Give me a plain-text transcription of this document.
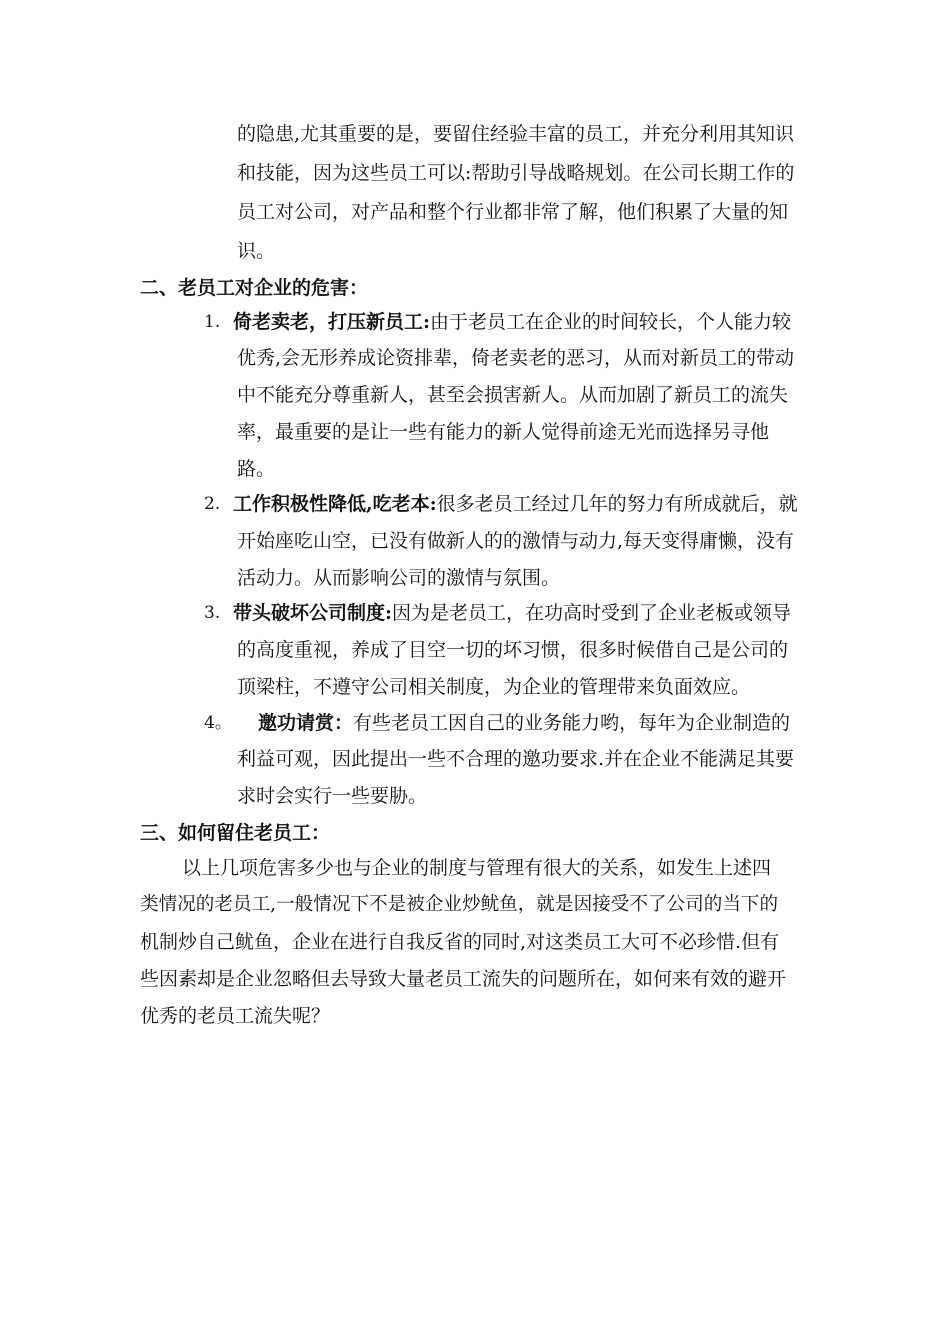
的隐患,尤其重要的是，要留住经验丰富的员工，并充分利用其知识
和技能，因为这些员工可以:帮助引导战略规划。在公司长期工作的
员工对公司，对产品和整个行业都非常了解，他们积累了大量的知
识。
二、老员工对企业的危害：
1. 倚老卖老，打压新员工:由于老员工在企业的时间较长，个人能力较
优秀,会无形养成论资排辈，倚老卖老的恶习，从而对新员工的带动
中不能充分尊重新人，甚至会损害新人。从而加剧了新员工的流失
率，最重要的是让一些有能力的新人觉得前途无光而选择另寻他
路。
2. 工作积极性降低,吃老本:很多老员工经过几年的努力有所成就后，就
开始座吃山空，已没有做新人的的激情与动力,每天变得庸懒，没有
活动力。从而影响公司的激情与氛围。
3. 带头破坏公司制度:因为是老员工，在功高时受到了企业老板或领导
的高度重视，养成了目空一切的坏习惯，很多时候借自己是公司的
顶梁柱，不遵守公司相关制度，为企业的管理带来负面效应。
4。 邀功请赏：有些老员工因自己的业务能力哟，每年为企业制造的
利益可观，因此提出一些不合理的邀功要求.并在企业不能满足其要
求时会实行一些要胁。
三、如何留住老员工：
以上几项危害多少也与企业的制度与管理有很大的关系，如发生上述四
类情况的老员工,一般情况下不是被企业炒鱿鱼，就是因接受不了公司的当下的
机制炒自己鱿鱼，企业在进行自我反省的同时,对这类员工大可不必珍惜.但有
些因素却是企业忽略但去导致大量老员工流失的问题所在，如何来有效的避开
优秀的老员工流失呢？
